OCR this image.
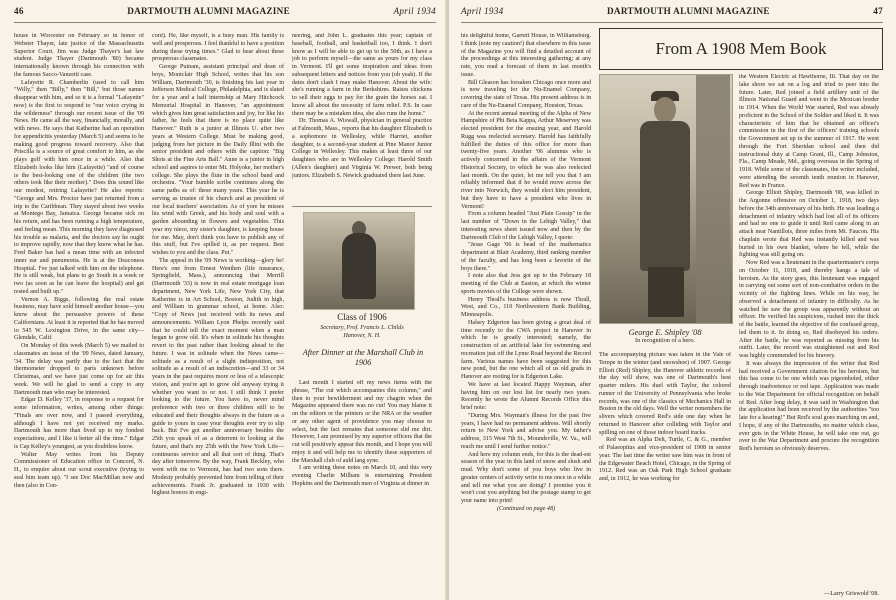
46	DARTMOUTH ALUMNI MAGAZINE	April 1934

house in Worcester on February so in honor of Webster Thayer, late justice of the Massachusetts Superior Court. Jim was Judge Thayer's last law student. Judge Thayer (Dartmouth '80) became internationally known through his connection with the famous Sacco-Vanzetti case.

Lafayette R. Chamberlin (used to call him "Willy," then "Billy," then "Bill," but those names disappear with him, and so it is a formal "Lafayette" now) is the first to respond to "our voice crying in the wilderness" through our recent issue of the '09 News. He came all the way, financially, morally, and with news. He says that Katherine had an operation for appendicitis yesterday (March 5) and seems to be making good progress toward recovery. Also that Priscilla is a source of great comfort to him, as she plays golf with him once in a while. Also that Elizabeth looks like him (Lafayette) "and of course is the best-looking one of the children (the two others took like their mother)." Does this sound like our modest, retiring Lafayette? He also reports: "George and Mrs. Proctor have just returned from a trip to the Caribbean. They stayed about two weeks at Montego Bay, Jamaica. George became sick on his return, and has been running a high temperature, and feeling mean. This morning they have diagnosed his trouble as malaria, and the doctors say he ought to improve rapidly, now that they know what he has. Fred Baker has had a mean time with an infected inner ear and pneumonia. He is at the Deaconess Hospital. I've just talked with him on the telephone. He is still weak, but plans to go South in a week or two (as soon as he can leave the hospital) and get rested and built up."

Vernon A. Biggs, following the real estate business, may have sold himself another house—you know about the persuasive powers of these Californians. At least it is reported that he has moved to 545 W. Lexington Drive, in the same city—Glendale, Calif.

On Monday of this week (March 5) we mailed to classmates an issue of the '09 News, dated January, '34. The delay was partly due to the fact that the thermometer dropped to parts unknown before Christmas, and we have just come up for air this week. We will be glad to send a copy to any Dartmouth man who may be interested.

Edgar D. Kelley '37, in response to a request for some information, writes, among other things: "Finals are over now, and I passed everything, although I have not yet received my marks. Dartmouth has more than lived up to my fondest expectations, and I like it better all the time." Edgar is Cap Kelley's youngest, as you doubtless know.

Walter May writes from his Deputy Commissioner of Education office in Concord, N. H., to enquire about our scout executive (trying to seal him team up). "I see Doc MacMillan now and then (also in Con-

cord). He, like myself, is a busy man. His family is well and prosperous. I feel thankful to have a position during these trying times." Glad to hear about these prosperous classmates.

George Putnam, assistant principal and dean of boys, Montclair High School, writes that his son William, Dartmouth '30, is finishing his last year in Jefferson Medical College, Philadelphia, and is slated for a year and a half internship at Mary Hitchcock Memorial Hospital in Hanover, "an appointment which gives him great satisfaction and joy, for like his father, he feels that there is no place quite like Hanover." Ruth is a junior at Illinois U. after two years at Western College. Must be making good, judging from her picture in the Daily Illini with the senior president and others with the caption: "Big Shots at the Fine Arts Ball." Anne is a junior in high school and aspires to enter Mt. Holyoke, her mother's college. She plays the flute in the school band and orchestra. "Your humble scribe continues along the same paths as of: these many years. This year he is serving as trustee of his church and as president of our local teachers' association. As of yore he misses his wind with Greek, and his body and soul with a garden abounding in flowers and vegetables. This year my niece, my sister's daughter, is keeping house for me. May, don't think you have to publish any of this stuff, but I've spilled it, as per request. Best wishes to you and the class. Put."

The appeal in the '09 News is working—glory be! Here's one from Ernest Wenthen (life insurance, Springfield, Mass.), announcing that Merrill (Dartmouth '33) is now in real estate mortgage loan department, New York Life, New York City, that Katherine is in Art School, Boston, Judith in high, and William in grammar school, at home. Also: "Copy of News just received with its news and announcements. William Lyon Phelps recently said that he could tell the exact moment when a man began to grow old. It's when in solitude his thoughts revert to the past rather than looking ahead to the future. I was in solitude when the News came—solitude as a result of a slight indisposition, not solitude as a result of an indiscretion—and 33 or 34 years in the past requires more or less of a telescopic vision, and you're apt to grow old anyway trying it whether you want to or not. I still think I prefer looking to the future. You have to, never mind preference with two or three children still to be educated and their thoughts always in the future as a guide to yours in case your thoughts ever try to slip back. But I've got another anniversary besides the 25th you speak of as a deterrent to looking at the future, and that's my 25th with the New York Life—continuous service and all that sort of thing. That's day after tomorrow. By the way, Frank Beckley, who went with me to Vermont, has had two sons there. Modesty probably prevented him from telling of their achievements. Frank Jr. graduated in 1930 with highest honors in engi-

neering, and John L. graduates this year; captain of baseball, football, and basketball too, I think. I don't know as I will be able to get up to the 50th, as I have a job to perform myself—the same as yours for my class in Vermont. I'll get some inspiration and ideas from subsequent letters and notices from you (oh yeah). If the dates don't clash I may make Hanover. About the wife: she's running a farm in the Berkshires. Raises chickens to sell their eggs to pay for the grain the horses eat. I know all about the necessity of farm relief. P.S. In case there may be a mistaken idea, she also runs the home."

Dr. Thomas A. Wiswall, physician in general practice at Falmouth, Mass., reports that his daughter Elizabeth is a sophomore in Wellesley, while Harriet, another daughter, is a second-year student at Pine Manor Junior College in Wellesley. This makes at least three of our daughters who are in Wellesley College: Harold Smith (Allen's daughter) and Virginia W. Prewer, both being juniors. Elizabeth S. Newick graduated there last June.

Class of 1906
Secretary, Prof. Francis L. Childs
Hanover, N. H.
After Dinner at the Marshall Club in 1906

Last month I started off my news items with the phrase, "The cut which accompanies this column," and then to your bewilderment and my chagrin when the Magazine appeared there was no cut! You may blame it on the editors or the printers or the NRA or the weather or any other agent of providence you may choose to select, but the fact remains that someone slid me dirt. However, I am promised by my superior officers that the cut will positively appear this month, and I hope you will enjoy it and will help me to identify these supporters of the Marshall club of auld lang syne.

I am writing these notes on March 10, and this very evening Charlie Milham is entertaining President Hopkins and the Dartmouth men of Virginia at dinner in

April 1934	DARTMOUTH ALUMNI MAGAZINE	47

his delightful home, Garrett House, in Williamsburg. I think (note my caution!) that elsewhere in this issue of the Magazine you will find a detailed account of the proceedings at this interesting gathering; at any rate, you read a forecast of them in last month's issue.

Bill Gleason has forsaken Chicago once more and is now traveling for the Nu-Enamel Company, covering the state of Texas. His present address is in care of the Nu-Enamel Company, Houston, Texas.

At the recent annual meeting of the Alpha of New Hampshire of Phi Beta Kappa, Arthur Meservey was elected president for the ensuing year, and Harold Rugg was reelected secretary. Harold has faithfully fulfilled the duties of this office for more than twenty-five years. Another '06 alumnus who is actively concerned in the affairs of the Vermont Historical Society, to which he was also reelected last month. On the quiet, let me tell you that I am reliably informed that if he would move across the river into Norwich, they would elect him president, but they have to have a president who lives in Vermont!

From a column headed "Just Plain Gossip" in the last number of "Down in the Lehigh Valley," that interesting news sheet issued now and then by the Dartmouth Club of the Lehigh Valley, I quote:

"Jesse Gage '06 is head of the mathematics department at Blair Academy, third ranking member of the faculty, and has long been a favorite of the boys there."

I note also that Jess got up to the February 18 meeting of the Club at Easton, at which the winter sports movies of the College were shown.

Henry Thrall's business address is now Thrall, West, and Co., 110 Northwestern Bank Building, Minneapolis.

Halsey Edgerton has been giving a great deal of time recently to the CWA project in Hanover in which he is greatly interested; namely, the construction of an artificial lake for swimming and recreation just off the Lyme Road beyond the Record farm. Various names have been suggested for this new pond, but the one which all of us old grads in Hanover are rooting for is Edgerton Lake.

We have at last located Happy Wayman, after having him on our lost list for nearly two years. Recently he wrote the Alumni Records Office this brief note:

"During Mrs. Wayman's illness for the past five years, I have had no permanent address. Will shortly return to New York and advise you. My father's address, 315 West 7th St., Moundsville, W. Va., will reach me until I send further notice."

And here my column ends, for this is the dead-est season of the year in this land of snow and slush and mud. Why don't some of you boys who live in greater centers of activity write to me once in a while and tell me what you are doing? I promise you it won't cost you anything but the postage stamp to get your name into print!

(Continued on page 48)

From A 1908 Mem Book
George E. Shipley '08
In recognition of a hero.

the Western Electric at Hawthorne, Ill. That day on the lake shore we sat on a log and tried to peer into the future. Later, Red joined a field artillery unit of the Illinois National Guard and went to the Mexican border in 1914. When the World War started, Red was already proficient in the School of the Soldier and liked it. It was characteristic of him that he obtained an officer's commission in the first of the officers' training schools the Government set up in the summer of 1917. He went through the Fort Sheridan school and then did instructional duty at Camp Grant, Ill., Camp Johnston, Fla., Camp Meade, Md., going overseas in the Spring of 1918. While some of the classmates, the writer included, were attending the seventh tenth reunion in Hanover, Red was in France.

George Elliott Shipley, Dartmouth '08, was killed in the Argonne offensive on October 1, 1918, two days before the 34th anniversary of his birth. He was leading a detachment of infantry which had lost all of its officers and had no one to guide it until Red came along in an attack near Nantillois, three miles from Mt. Faucon. His chaplain wrote that Red was instantly killed and was buried in his own blanket, where he fell, while the fighting was still going on.

Now Red was a lieutenant in the quartermaster's corps on October 11, 1918, and thereby hangs a tale of heroism. As the story goes, this lieutenant was engaged in carrying out some sort of non-combative orders in the vicinity of the fighting lines. While on his way, he observed a detachment of infantry in difficulty. As he watched he saw the group was apparently without an officer. He verified his suspicions, rushed into the thick of the battle, learned the objective of the confused group, led them to it. In doing so, Red disobeyed his orders. After the battle, he was reported as missing from his outfit. Later, the record was straightened out and Red was highly commended for his bravery.

It was always the impression of the writer that Red had received a Government citation for his heroism, but this has come to be one which was pigeonholed, either through inadvertence or red tape. Application was made to the War Department for official recognition on behalf of Red. After long delay, it was said in Washington that the application had been received by the authorities "too late for a hearing!" But Red's soul goes marching on and, I hope, if any of the Dartmouths, no matter which class, ever gets in the White House, he will take one out, go over to the War Department and procure the recognition Red's heroism so obviously deserves.

The accompanying picture was taken in the Vale of Tempe in the winter (and snowshoe) of 1907. George Elliott (Red) Shipley, the Hanover athletic records of the day will show, was one of Dartmouth's best quarter milers. His duel with Taylor, the colored runner of the University of Pennsylvania who broke records, was one of the classics of Mechanics Hall in Boston in the old days. Well the writer remembers the slivers which covered Red's side one day when he returned to Hanover after colliding with Taylor and spilling on one of those indoor board tracks.

Red was an Alpha Delt, Turtle, C. & G., member of Palaeopitus and vice-president of 1908 in senior year. The last time the writer saw him was in front of the Edgewater Beach Hotel, Chicago, in the Spring of 1912. Red was an Oak Park High School graduate and, in 1912, he was working for

—Larry Griswold '08.
